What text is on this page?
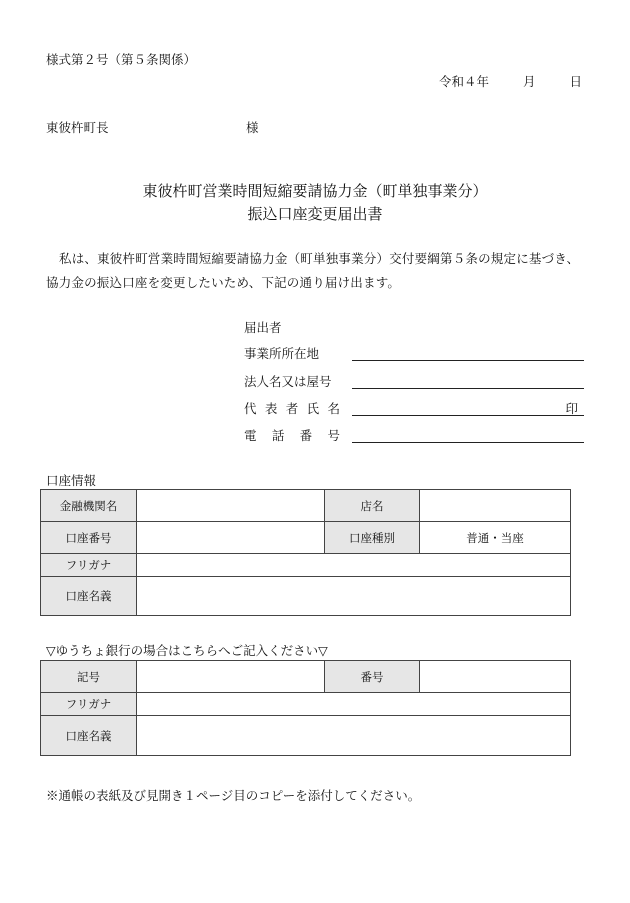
様式第２号（第５条関係）
令和４年	月	日
東彼杵町長	様
東彼杵町営業時間短縮要請協力金（町単独事業分）
振込口座変更届出書
私は、東彼杵町営業時間短縮要請協力金（町単独事業分）交付要綱第５条の規定に基づき、協力金の振込口座を変更したいため、下記の通り届け出ます。
届出者
事業所所在地
法人名又は屋号
代 表 者 氏 名	印
電 話 番 号
口座情報
金融機関名		店名	
口座番号		口座種別	普通・当座
フリガナ			
口座名義			
▽ゆうちょ銀行の場合はこちらへご記入ください▽
記号		番号	
フリガナ			
口座名義			
※通帳の表紙及び見開き１ページ目のコピーを添付してください。
